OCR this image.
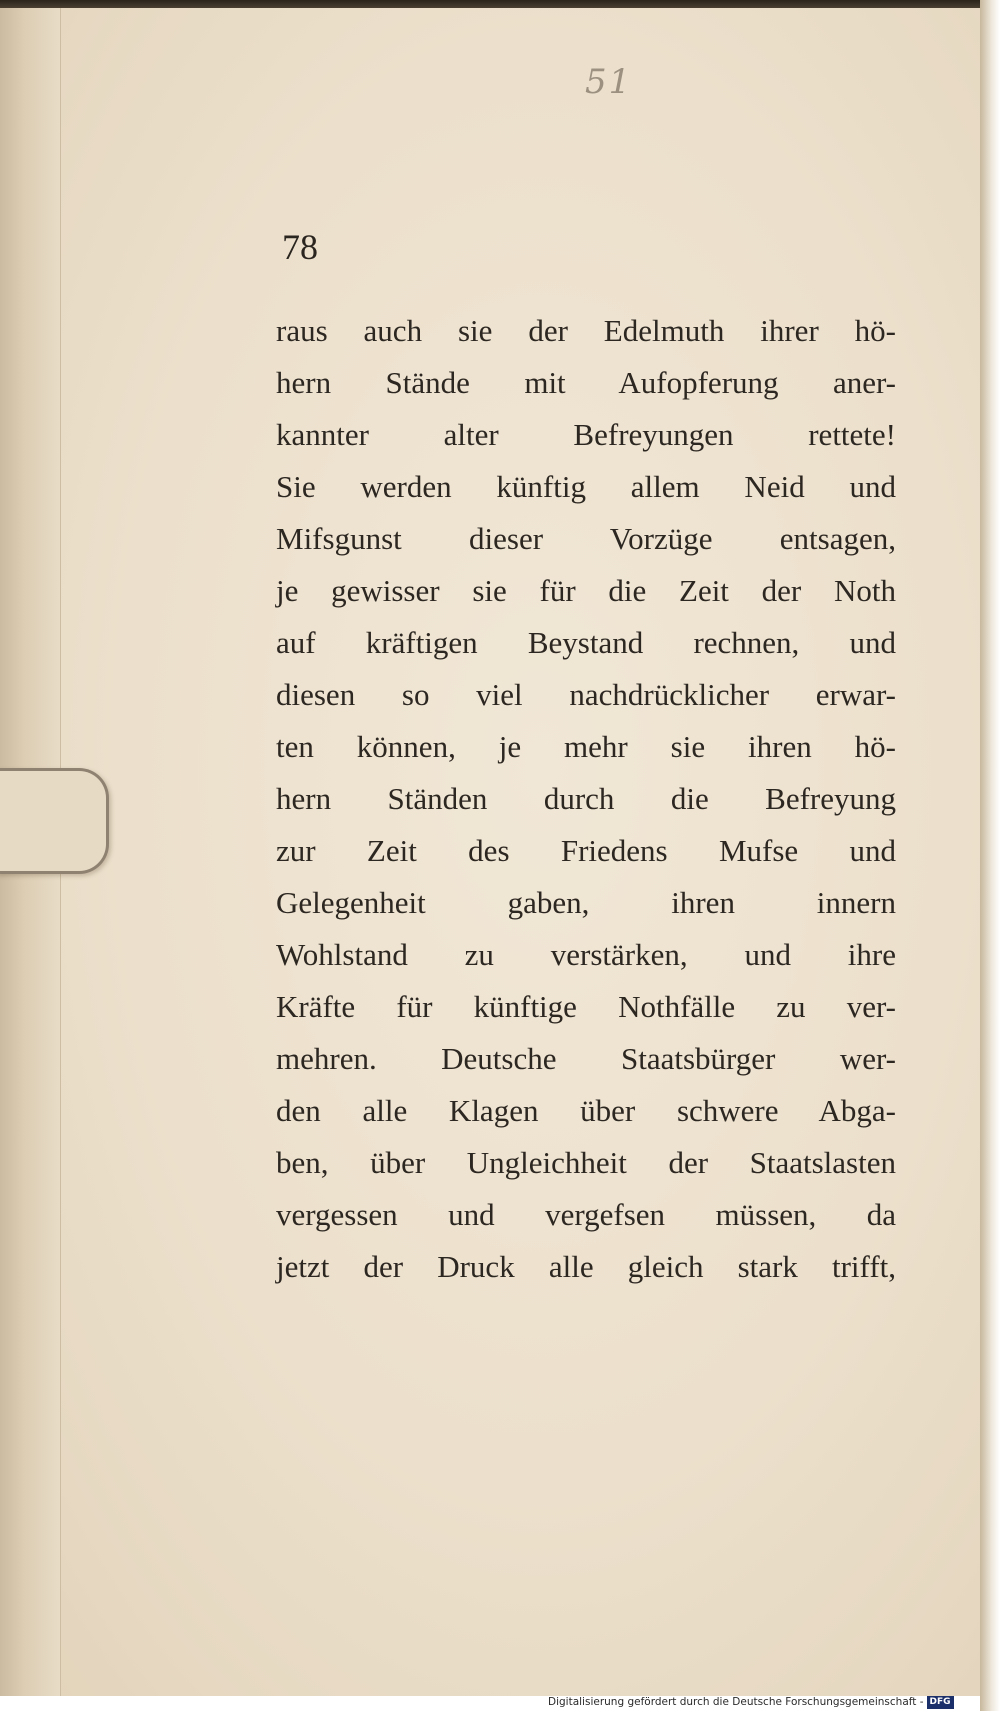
51
78
raus auch sie der Edelmuth ihrer hö-
hern Stände mit Aufopferung aner-
kannter alter Befreyungen rettete!
Sie werden künftig allem Neid und
Mifsgunst dieser Vorzüge entsagen,
je gewisser sie für die Zeit der Noth
auf kräftigen Beystand rechnen, und
diesen so viel nachdrücklicher erwar-
ten können, je mehr sie ihren hö-
hern Ständen durch die Befreyung
zur Zeit des Friedens Mufse und
Gelegenheit gaben, ihren innern
Wohlstand zu verstärken, und ihre
Kräfte für künftige Nothfälle zu ver-
mehren. Deutsche Staatsbürger wer-
den alle Klagen über schwere Abga-
ben, über Ungleichheit der Staatslasten
vergessen und vergefsen müssen, da
jetzt der Druck alle gleich stark trifft,
Digitalisierung gefördert durch die Deutsche Forschungsgemeinschaft - DFG
